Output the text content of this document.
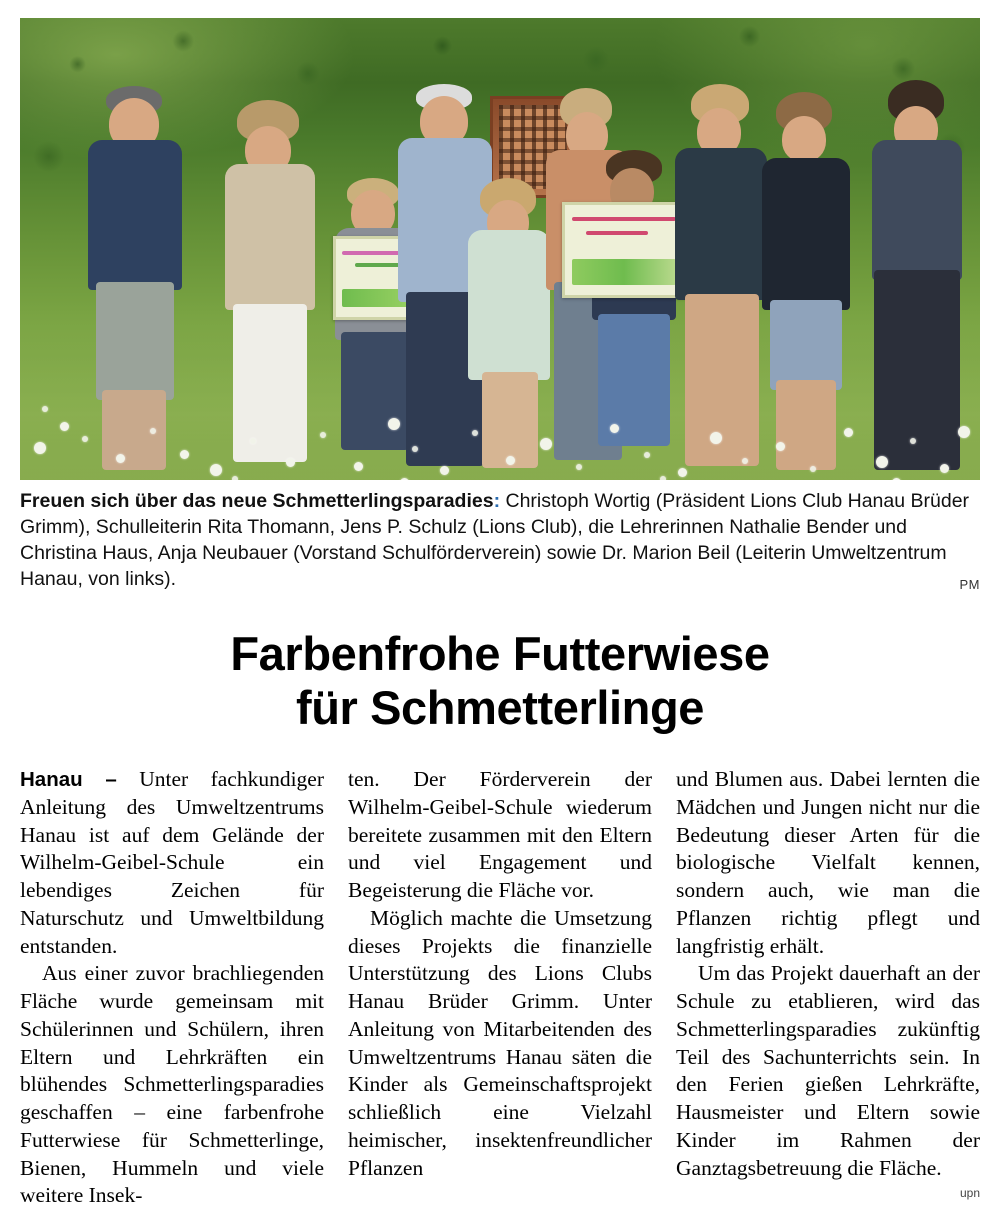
Freuen sich über das neue Schmetterlingsparadies: Christoph Wortig (Präsident Lions Club Hanau Brüder Grimm), Schulleiterin Rita Thomann, Jens P. Schulz (Lions Club), die Lehrerinnen Nathalie Bender und Christina Haus, Anja Neubauer (Vorstand Schulförderverein) sowie Dr. Marion Beil (Leiterin Umweltzentrum Hanau, von links).	PM
Farbenfrohe Futterwiese
für Schmetterlinge

Hanau – Unter fachkundiger Anleitung des Umweltzentrums Hanau ist auf dem Gelände der Wilhelm-Geibel-Schule ein lebendiges Zeichen für Naturschutz und Umweltbildung entstanden.

Aus einer zuvor brachliegenden Fläche wurde gemeinsam mit Schülerinnen und Schülern, ihren Eltern und Lehrkräften ein blühendes Schmetterlingsparadies geschaffen – eine farbenfrohe Futterwiese für Schmetterlinge, Bienen, Hummeln und viele weitere Insek-

ten. Der Förderverein der Wilhelm-Geibel-Schule wiederum bereitete zusammen mit den Eltern und viel Engagement und Begeisterung die Fläche vor.

Möglich machte die Umsetzung dieses Projekts die finanzielle Unterstützung des Lions Clubs Hanau Brüder Grimm. Unter Anleitung von Mitarbeitenden des Umweltzentrums Hanau säten die Kinder als Gemeinschaftsprojekt schließlich eine Vielzahl heimischer, insektenfreundlicher Pflanzen

und Blumen aus. Dabei lernten die Mädchen und Jungen nicht nur die Bedeutung dieser Arten für die biologische Vielfalt kennen, sondern auch, wie man die Pflanzen richtig pflegt und langfristig erhält.

Um das Projekt dauerhaft an der Schule zu etablieren, wird das Schmetterlingsparadies zukünftig Teil des Sachunterrichts sein. In den Ferien gießen Lehrkräfte, Hausmeister und Eltern sowie Kinder im Rahmen der Ganztagsbetreuung die Fläche.

upn
